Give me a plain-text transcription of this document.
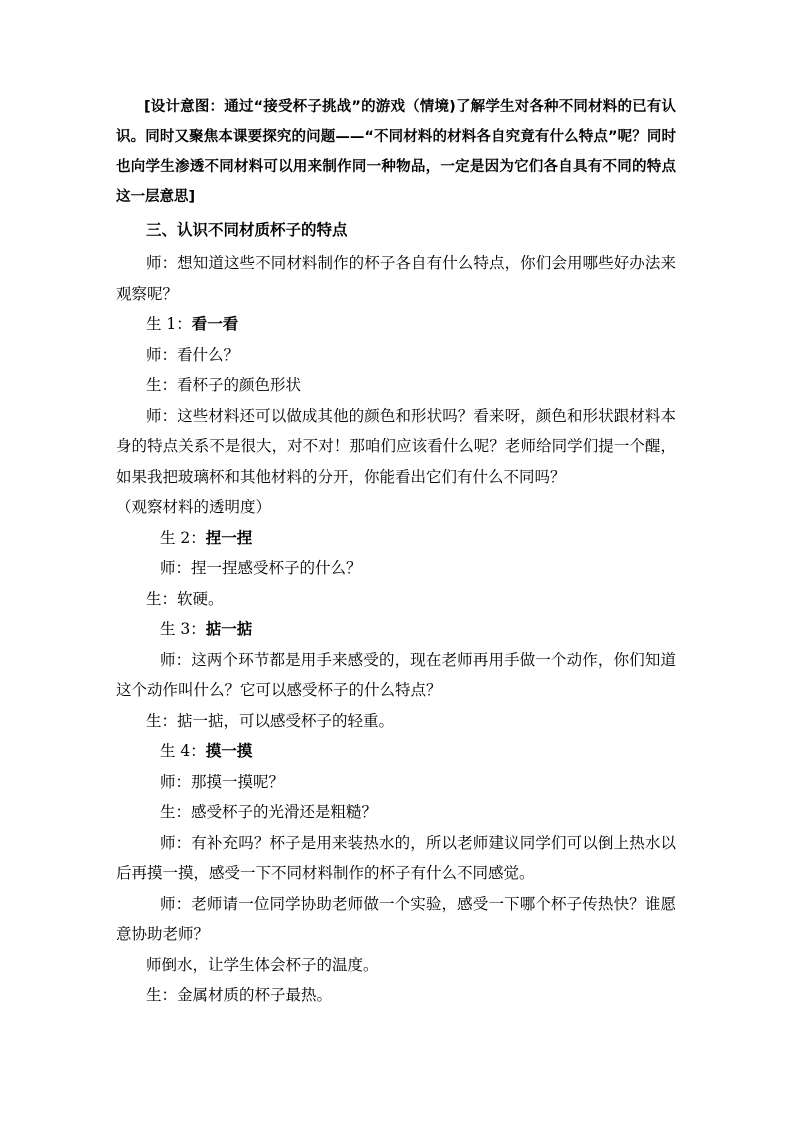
[设计意图：通过“接受杯子挑战”的游戏（情境)了解学生对各种不同材料的已有认识。同时又聚焦本课要探究的问题——“不同材料的材料各自究竟有什么特点”呢？同时也向学生渗透不同材料可以用来制作同一种物品，一定是因为它们各自具有不同的特点这一层意思]

三、认识不同材质杯子的特点

师：想知道这些不同材料制作的杯子各自有什么特点，你们会用哪些好办法来观察呢？

生 1：看一看

师：看什么？

生：看杯子的颜色形状

师：这些材料还可以做成其他的颜色和形状吗？看来呀，颜色和形状跟材料本身的特点关系不是很大，对不对！那咱们应该看什么呢？老师给同学们提一个醒，如果我把玻璃杯和其他材料的分开，你能看出它们有什么不同吗？

（观察材料的透明度）

生 2：捏一捏

师：捏一捏感受杯子的什么？

生：软硬。

生 3：掂一掂

师：这两个环节都是用手来感受的，现在老师再用手做一个动作，你们知道这个动作叫什么？它可以感受杯子的什么特点？

生：掂一掂，可以感受杯子的轻重。

生 4：摸一摸

师：那摸一摸呢？

生：感受杯子的光滑还是粗糙？

师：有补充吗？杯子是用来装热水的，所以老师建议同学们可以倒上热水以后再摸一摸，感受一下不同材料制作的杯子有什么不同感觉。

师：老师请一位同学协助老师做一个实验，感受一下哪个杯子传热快？谁愿意协助老师？

师倒水，让学生体会杯子的温度。

生：金属材质的杯子最热。
